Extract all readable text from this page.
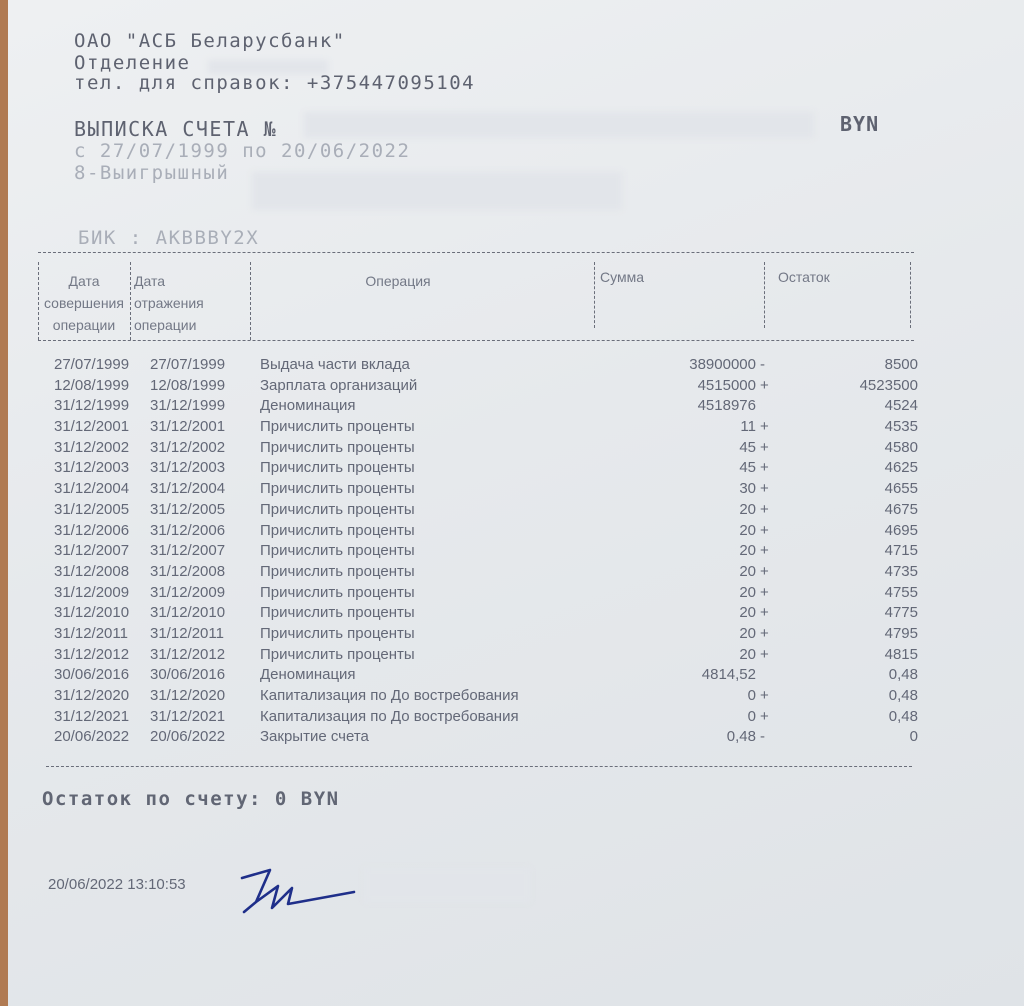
ОАО "АСБ Беларусбанк"
Отделение
тел. для справок: +375447095104
ВЫПИСКА СЧЕТА №	BYN
с 27/07/1999 по 20/06/2022
8-Выигрышный
БИК : AKBBBY2X
Дата
совершения
операции
Дата
отражения
операции
Операция	Сумма	Остаток
27/07/1999 27/07/1999 Выдача части вклада	38900000 -	8500
12/08/1999 12/08/1999 Зарплата организаций	4515000 +	4523500
31/12/1999 31/12/1999 Деноминация	4518976	4524
31/12/2001 31/12/2001 Причислить проценты	11 +	4535
31/12/2002 31/12/2002 Причислить проценты	45 +	4580
31/12/2003 31/12/2003 Причислить проценты	45 +	4625
31/12/2004 31/12/2004 Причислить проценты	30 +	4655
31/12/2005 31/12/2005 Причислить проценты	20 +	4675
31/12/2006 31/12/2006 Причислить проценты	20 +	4695
31/12/2007 31/12/2007 Причислить проценты	20 +	4715
31/12/2008 31/12/2008 Причислить проценты	20 +	4735
31/12/2009 31/12/2009 Причислить проценты	20 +	4755
31/12/2010 31/12/2010 Причислить проценты	20 +	4775
31/12/2011 31/12/2011 Причислить проценты	20 +	4795
31/12/2012 31/12/2012 Причислить проценты	20 +	4815
30/06/2016 30/06/2016 Деноминация	4814,52	0,48
31/12/2020 31/12/2020 Капитализация по До востребования	0 +	0,48
31/12/2021 31/12/2021 Капитализация по До востребования	0 +	0,48
20/06/2022 20/06/2022 Закрытие счета	0,48 -	0
Остаток по счету: 0 BYN
20/06/2022 13:10:53
